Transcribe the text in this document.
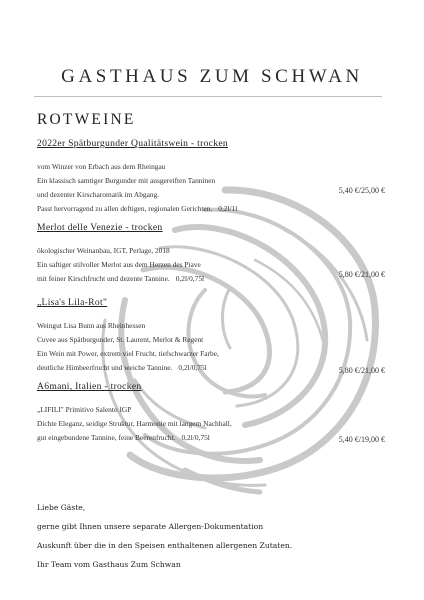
GASTHAUS ZUM SCHWAN
ROTWEINE

2022er Spätburgunder Qualitätswein - trocken

vom Winzer von Erbach aus dem Rheingau

Ein klassisch samtiger Burgunder mit ausgereiften Tanninen

und dezenter Kirscharomatik im Abgang.

Passt hervorragend zu allen deftigen, regionalen Gerichten. 0,2l/1l

5,40 €/25,00 €

Merlot delle Venezie - trocken

ökologischer Weinanbau, IGT, Perlage, 2018

Ein saftiger stilvoller Merlot aus dem Herzen des Piave

mit feiner Kirschfrucht und dezente Tannine. 0,2l/0,75l	5,80 €/21,00 €

„Lisa's Lila-Rot"

Weingut Lisa Bunn aus Rheinhessen

Cuvee aus Spätburgunder, St. Laurent, Merlot & Regent

Ein Wein mit Power, extrem viel Frucht, tiefschwarzer Farbe,

deutliche Himbeerfrucht und weiche Tannine. 0,2l/0,75l	5,80 €/21,00 €

A6mani, Italien - trocken

„LIFILI" Primitivo Salento IGP

Dichte Eleganz, seidige Struktur, Harmonie mit langem Nachhall,

gut eingebundene Tannine, feine Beerenfrucht. 0,2l/0,75l	5,40 €/19,00 €

Liebe Gäste,

gerne gibt Ihnen unsere separate Allergen-Dokumentation

Auskunft über die in den Speisen enthaltenen allergenen Zutaten.

Ihr Team vom Gasthaus Zum Schwan
